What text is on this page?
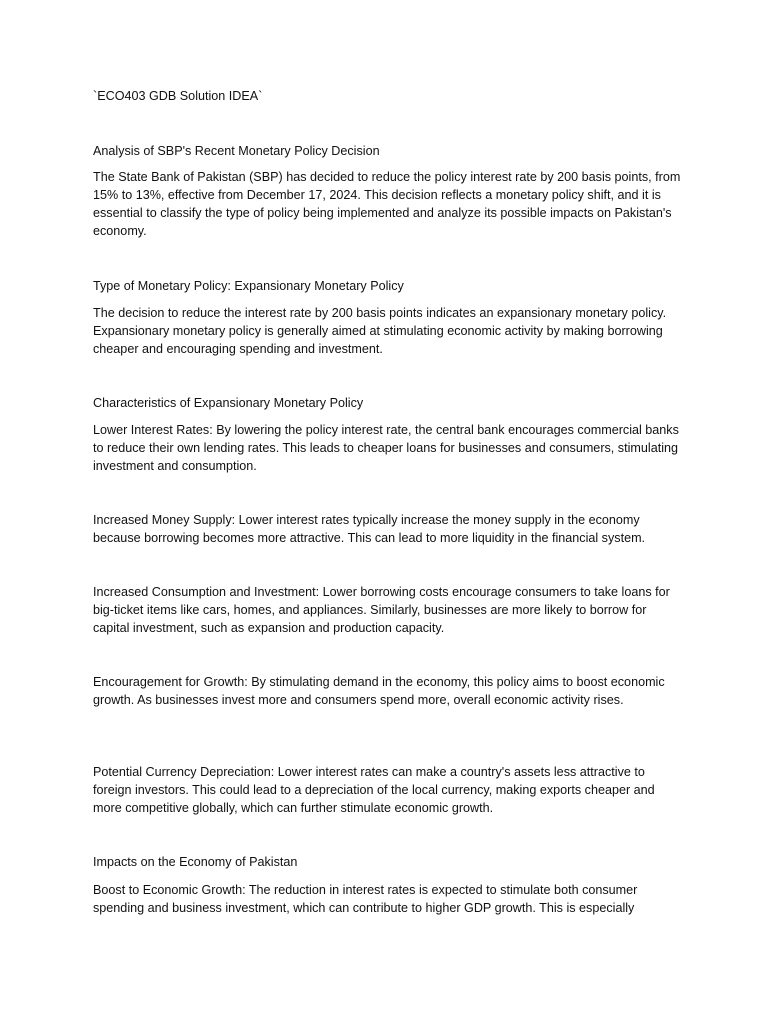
`ECO403 GDB Solution IDEA`

Analysis of SBP's Recent Monetary Policy Decision

The State Bank of Pakistan (SBP) has decided to reduce the policy interest rate by 200 basis points, from 15% to 13%, effective from December 17, 2024. This decision reflects a monetary policy shift, and it is essential to classify the type of policy being implemented and analyze its possible impacts on Pakistan's economy.

Type of Monetary Policy: Expansionary Monetary Policy

The decision to reduce the interest rate by 200 basis points indicates an expansionary monetary policy. Expansionary monetary policy is generally aimed at stimulating economic activity by making borrowing cheaper and encouraging spending and investment.

Characteristics of Expansionary Monetary Policy

Lower Interest Rates: By lowering the policy interest rate, the central bank encourages commercial banks to reduce their own lending rates. This leads to cheaper loans for businesses and consumers, stimulating investment and consumption.

Increased Money Supply: Lower interest rates typically increase the money supply in the economy because borrowing becomes more attractive. This can lead to more liquidity in the financial system.

Increased Consumption and Investment: Lower borrowing costs encourage consumers to take loans for big-ticket items like cars, homes, and appliances. Similarly, businesses are more likely to borrow for capital investment, such as expansion and production capacity.

Encouragement for Growth: By stimulating demand in the economy, this policy aims to boost economic growth. As businesses invest more and consumers spend more, overall economic activity rises.

Potential Currency Depreciation: Lower interest rates can make a country's assets less attractive to foreign investors. This could lead to a depreciation of the local currency, making exports cheaper and more competitive globally, which can further stimulate economic growth.

Impacts on the Economy of Pakistan

Boost to Economic Growth: The reduction in interest rates is expected to stimulate both consumer spending and business investment, which can contribute to higher GDP growth. This is especially
